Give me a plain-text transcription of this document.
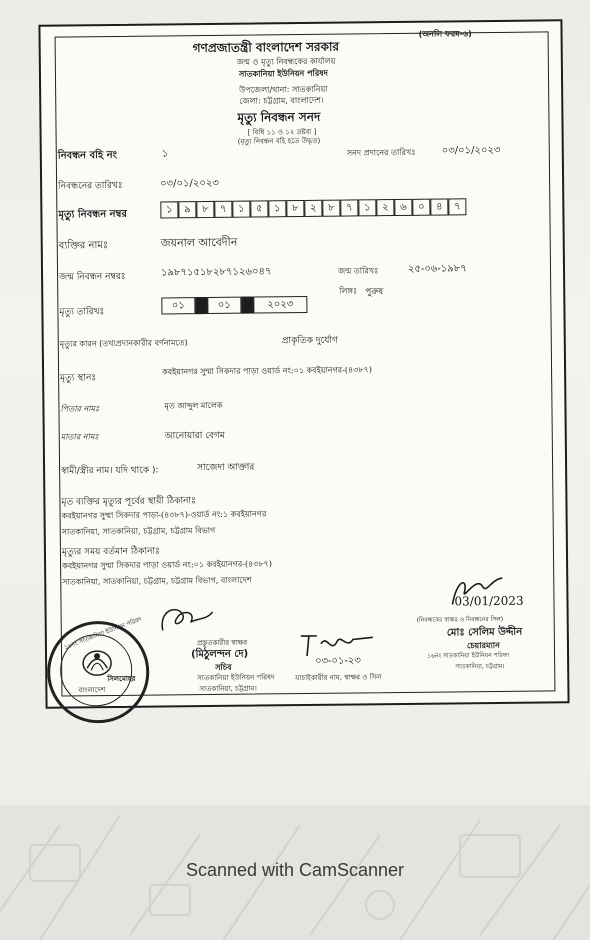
(অনলি ফরম-৬)
গণপ্রজাতন্ত্রী বাংলাদেশ সরকার
জন্ম ও মৃত্যু নিবন্ধকের কার্যালয়
সাতকানিয়া ইউনিয়ন পরিষদ
উপজেলা/থানা: সাতকানিয়া
জেলা: চট্টগ্রাম, বাংলাদেশ।
মৃত্যু নিবন্ধন সনদ
[ বিধি ১১ ও ১২ দ্রষ্টব্য ]
(মৃত্যু নিবন্ধন বহি হতে উদ্ধৃত)
নিবন্ধন বহি নং	১	সনদ প্রদানের তারিখঃ	০৩/০১/২০২৩
নিবন্ধনের তারিখঃ	০৩/০১/২০২৩
মৃত্যু নিবন্ধন নম্বর	১	৯	৮	৭	১	৫	১	৮	২	৮	৭	১	২	৬	০	৪	৭
ব্যক্তির নামঃ	জয়নাল আবেদীন
জন্ম নিবন্ধন নম্বরঃ	১৯৮৭১৫১৮২৮৭১২৬০৪৭	জন্ম তারিখঃ	২৫-০৬-১৯৮৭
লিঙ্গঃ পুরুষ
মৃত্যু তারিখঃ
০১	০১	২০২৩
মৃত্যুর কারন (তথ্যপ্রদানকারীর বর্ণনামতে)	প্রাকৃতিক দুর্যোগ
মৃত্যু স্থানঃ
কবইয়ানগর সুম্মা সিকদার পাড়া ওয়ার্ড নং:০১ কবইয়ানগর-(৪৩৮৭)
পিতার নামঃ	মৃত আব্দুল মালেক
মাতার নামঃ	আনোয়ারা বেগম
স্বামী/স্ত্রীর নাম। যদি থাকে ):	সাজেদা আক্তার
মৃত ব্যক্তির মৃত্যুর পূর্বের স্থায়ী ঠিকানাঃ
কবইয়ানগর সুম্মা সিকদার পাড়া-(৪৩৮৭)-ওয়ার্ড নং:১ কবইয়ানগর
সাতকানিয়া, সাতকানিয়া, চট্টগ্রাম, চট্টগ্রাম বিভাগ
মৃত্যুর সময় বর্তমান ঠিকানাঃ
কবইয়ানগর সুম্মা সিকদার পাড়া ওয়ার্ড নং:০১ কবইয়ানগর-(৪৩৮৭)
সাতকানিয়া, সাতকানিয়া, চট্টগ্রাম, চট্টগ্রাম বিভাগ, বাংলাদেশ
১৬নং সাতকানিয়া ইউনিয়ন পরিষদ
বাংলাদেশ
প্রস্তুতকারীর স্বাক্ষর
(মিঠুলন্দন দে)
সচিব
সাতকানিয়া ইউনিয়ন পরিষদ
সাতকানিয়া, চট্টগ্রাম।
সিলমোহর
০৩-০১-২৩
যাচাইকারীর নাম, স্বাক্ষর ও সিল
03/01/2023
(নিবন্ধকের স্বাক্ষর ও নিবন্ধনের সিল)
মোঃ সেলিম উদ্দীন
চেয়ারম্যান
১৬নং সাতকানিয়া ইউনিয়ন পরিষদ
সাতকানিয়া, চট্টগ্রাম।
Scanned with CamScanner
